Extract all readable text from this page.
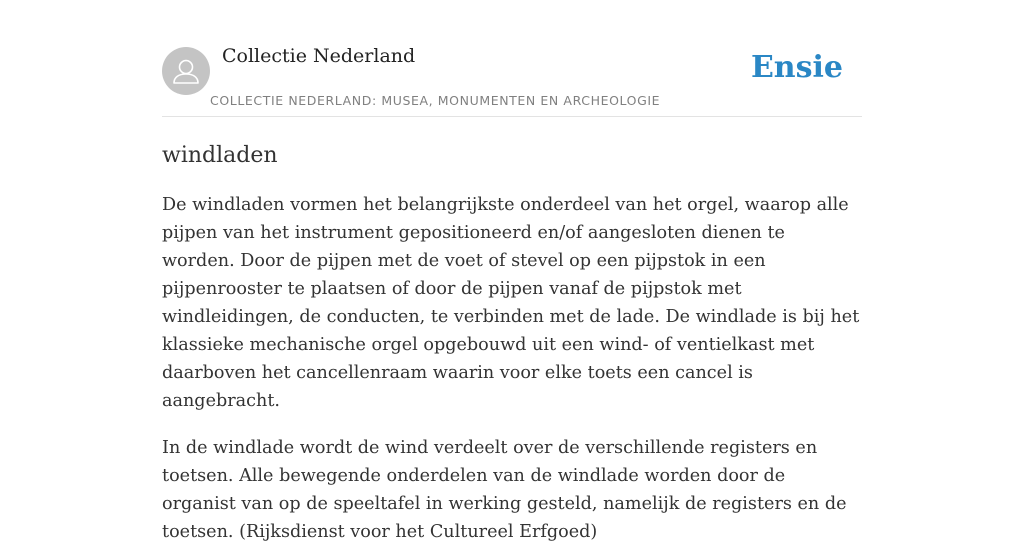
Collectie Nederland
COLLECTIE NEDERLAND: MUSEA, MONUMENTEN EN ARCHEOLOGIE
Ensie
windladen

De windladen vormen het belangrijkste onderdeel van het orgel, waarop alle pijpen van het instrument gepositioneerd en/of aangesloten dienen te worden. Door de pijpen met de voet of stevel op een pijpstok in een pijpenrooster te plaatsen of door de pijpen vanaf de pijpstok met windleidingen, de conducten, te verbinden met de lade. De windlade is bij het klassieke mechanische orgel opgebouwd uit een wind- of ventielkast met daarboven het cancellenraam waarin voor elke toets een cancel is aangebracht.

In de windlade wordt de wind verdeelt over de verschillende registers en toetsen. Alle bewegende onderdelen van de windlade worden door de organist van op de speeltafel in werking gesteld, namelijk de registers en de toetsen. (Rijksdienst voor het Cultureel Erfgoed)
